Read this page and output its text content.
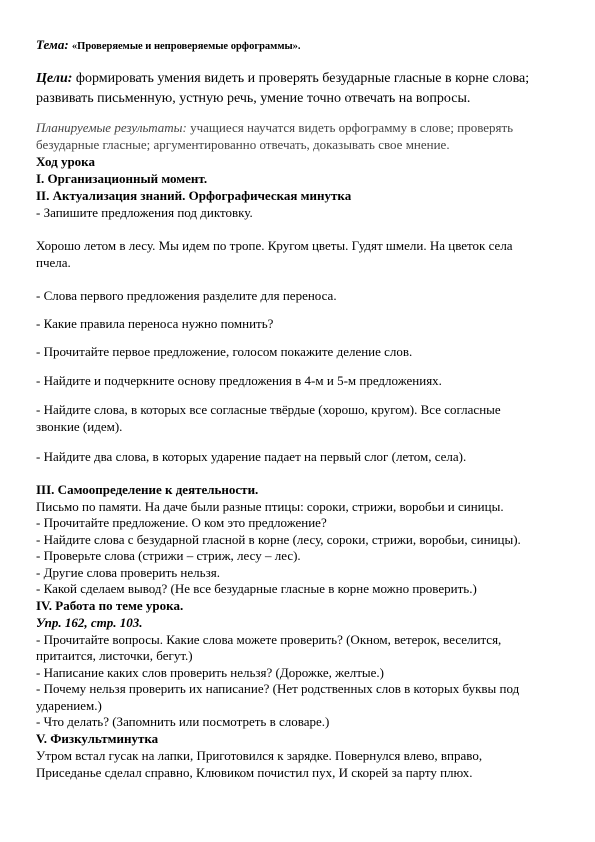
Тема: «Проверяемые и непроверяемые орфограммы».
Цели: формировать умения видеть и проверять безударные гласные в корне слова;
развивать письменную, устную речь, умение точно отвечать на вопросы.
Планируемые результаты: учащиеся научатся видеть орфограмму в слове; проверять
безударные гласные; аргументированно отвечать, доказывать свое мнение.
Ход урока
I. Организационный момент.
II. Актуализация знаний. Орфографическая минутка
- Запишите предложения под диктовку.
Хорошо летом в лесу. Мы идем по тропе. Кругом цветы. Гудят шмели. На цветок села
пчела.
- Слова первого предложения разделите для переноса.
- Какие правила переноса нужно помнить?
- Прочитайте первое предложение, голосом покажите деление слов.
- Найдите и подчеркните основу предложения в 4-м и 5-м предложениях.
- Найдите слова, в которых все согласные твёрдые (хорошо, кругом). Все согласные
звонкие (идем).
- Найдите два слова, в которых ударение падает на первый слог (летом, села).
III. Самоопределение к деятельности.
Письмо по памяти. На даче были разные птицы: сороки, стрижи, воробьи и синицы.
- Прочитайте предложение. О ком это предложение?
- Найдите слова с безударной гласной в корне (лесу, сороки, стрижи, воробьи, синицы).
- Проверьте слова (стрижи – стриж, лесу – лес).
- Другие слова проверить нельзя.
- Какой сделаем вывод? (Не все безударные гласные в корне можно проверить.)
IV. Работа по теме урока.
Упр. 162, стр. 103.
- Прочитайте вопросы. Какие слова можете проверить? (Окном, ветерок, веселится,
притаится, листочки, бегут.)
- Написание каких слов проверить нельзя? (Дорожке, желтые.)
- Почему нельзя проверить их написание? (Нет родственных слов в которых буквы под
ударением.)
- Что делать? (Запомнить или посмотреть в словаре.)
V. Физкультминутка
Утром встал гусак на лапки, Приготовился к зарядке. Повернулся влево, вправо,
Приседанье сделал справно, Клювиком почистил пух, И скорей за парту плюх.
